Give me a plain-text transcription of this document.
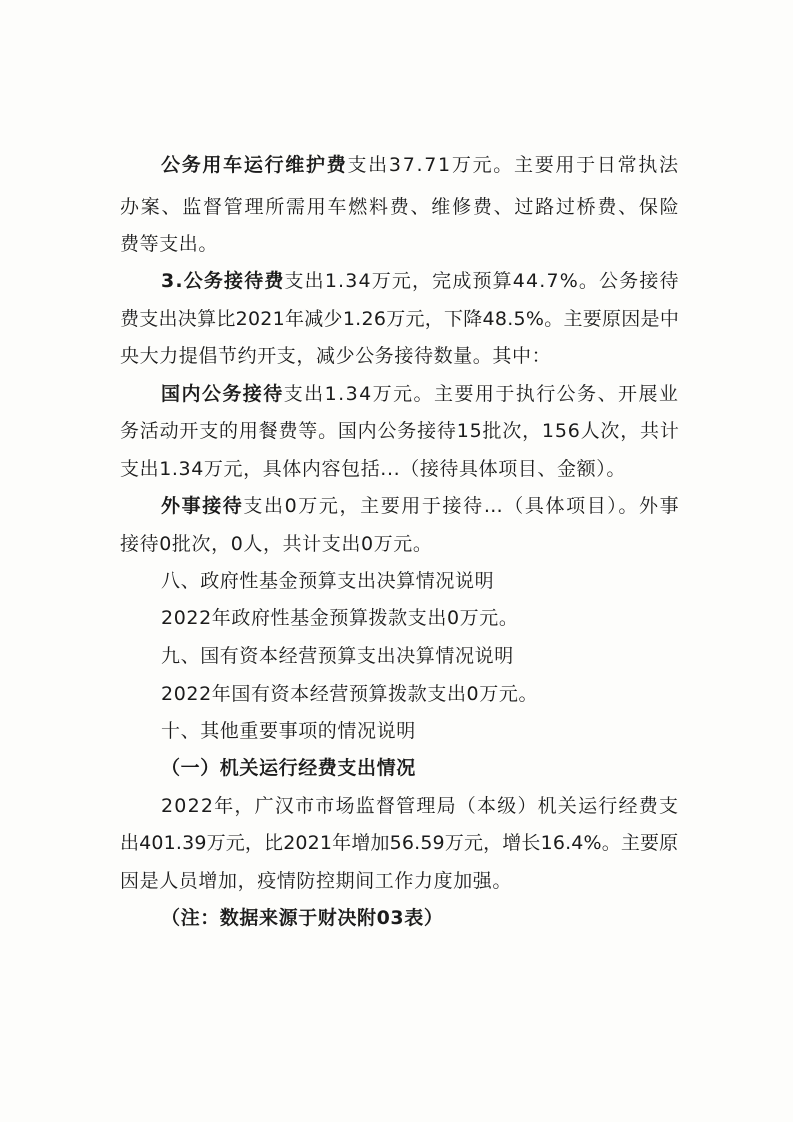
公务用车运行维护费支出37.71万元。主要用于日常执法
办案、监督管理所需用车燃料费、维修费、过路过桥费、保险
费等支出。
3.公务接待费支出1.34万元，完成预算44.7%。公务接待
费支出决算比2021年减少1.26万元，下降48.5%。主要原因是中
央大力提倡节约开支，减少公务接待数量。其中：
国内公务接待支出1.34万元。主要用于执行公务、开展业
务活动开支的用餐费等。国内公务接待15批次，156人次，共计
支出1.34万元，具体内容包括...（接待具体项目、金额）。
外事接待支出0万元，主要用于接待…（具体项目）。外事
接待0批次，0人，共计支出0万元。
八、政府性基金预算支出决算情况说明
2022年政府性基金预算拨款支出0万元。
九、国有资本经营预算支出决算情况说明
2022年国有资本经营预算拨款支出0万元。
十、其他重要事项的情况说明
（一）机关运行经费支出情况
2022年，广汉市市场监督管理局（本级）机关运行经费支
出401.39万元，比2021年增加56.59万元，增长16.4%。主要原
因是人员增加，疫情防控期间工作力度加强。
（注：数据来源于财决附03表）
